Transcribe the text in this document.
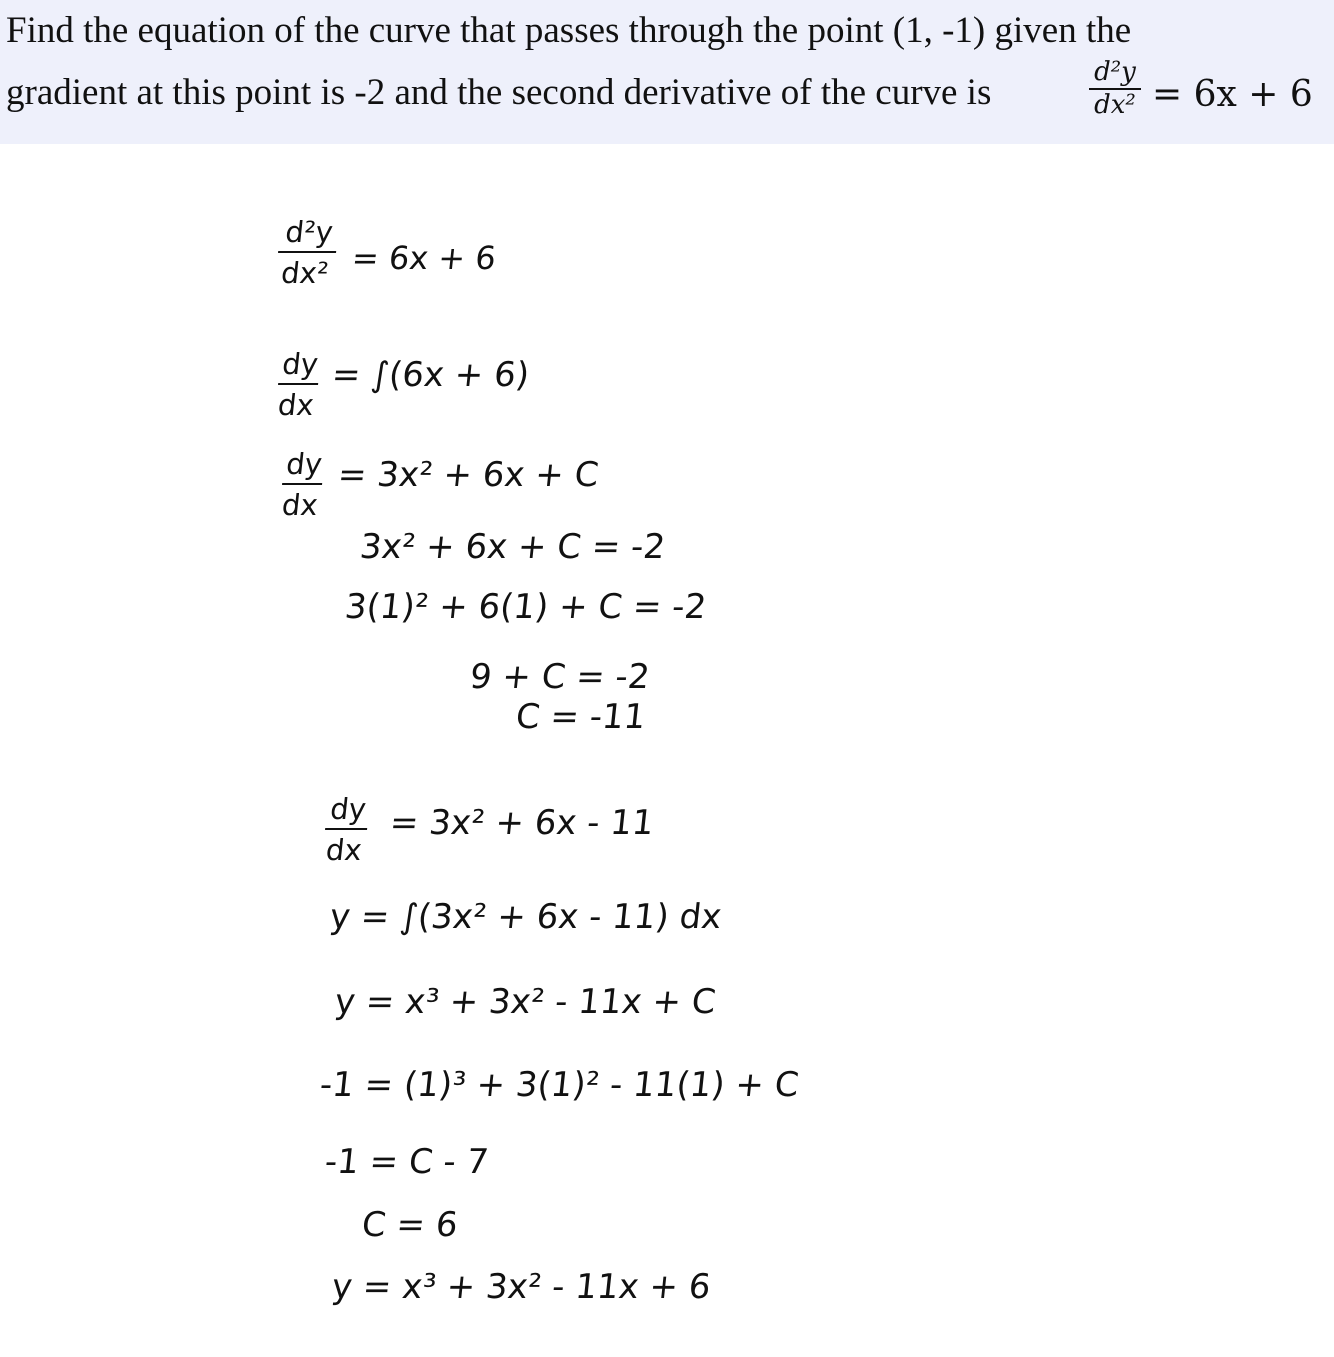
Find the equation of the curve that passes through the point (1, -1) given the
gradient at this point is -2 and the second derivative of the curve is	d²y
dx² = 6x + 6
d²y
dx² = 6x + 6
dy
dx
= ∫(6x + 6)
dy
dx
= 3x² + 6x + C
3x² + 6x + C = -2
3(1)² + 6(1) + C = -2
9 + C = -2
C = -11
dy
dx
= 3x² + 6x - 11
y = ∫(3x² + 6x - 11) dx
y = x³ + 3x² - 11x + C
-1 = (1)³ + 3(1)² - 11(1) + C
-1 = C - 7
C = 6
y = x³ + 3x² - 11x + 6
